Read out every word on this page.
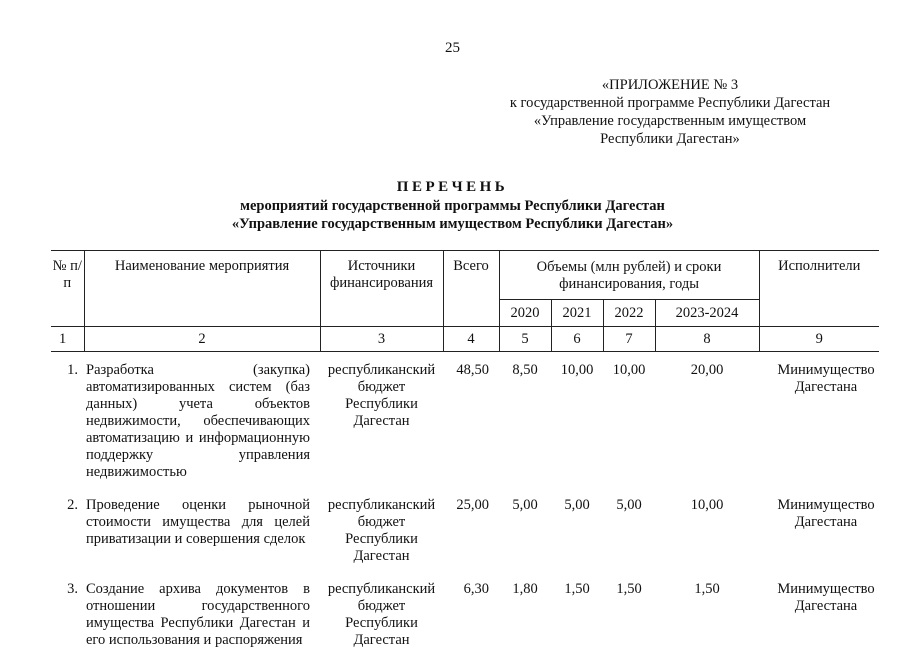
25
«ПРИЛОЖЕНИЕ № 3
к государственной программе Республики Дагестан
«Управление государственным имуществом
Республики Дагестан»
ПЕРЕЧЕНЬ
мероприятий государственной программы Республики Дагестан
«Управление государственным имуществом Республики Дагестан»
№ п/п	Наименование мероприятия	Источники финансирования	Всего	Объемы (млн рублей) и сроки финансирования, годы				Исполнители
				2020	2021	2022	2023-2024	
1	2	3	4	5	6	7	8	9
1.	Разработка (закупка) автоматизированных систем (баз данных) учета объектов недвижимости, обеспечивающих автоматизацию и информационную поддержку управления недвижимостью	республиканский бюджет Республики Дагестан	48,50	8,50	10,00	10,00	20,00	Минимущество Дагестана
2.	Проведение оценки рыночной стоимости имущества для целей приватизации и совершения сделок	республиканский бюджет Республики Дагестан	25,00	5,00	5,00	5,00	10,00	Минимущество Дагестана
3.	Создание архива документов в отношении государственного имущества Республики Дагестан и его использования и распоряжения	республиканский бюджет Республики Дагестан	6,30	1,80	1,50	1,50	1,50	Минимущество Дагестана
